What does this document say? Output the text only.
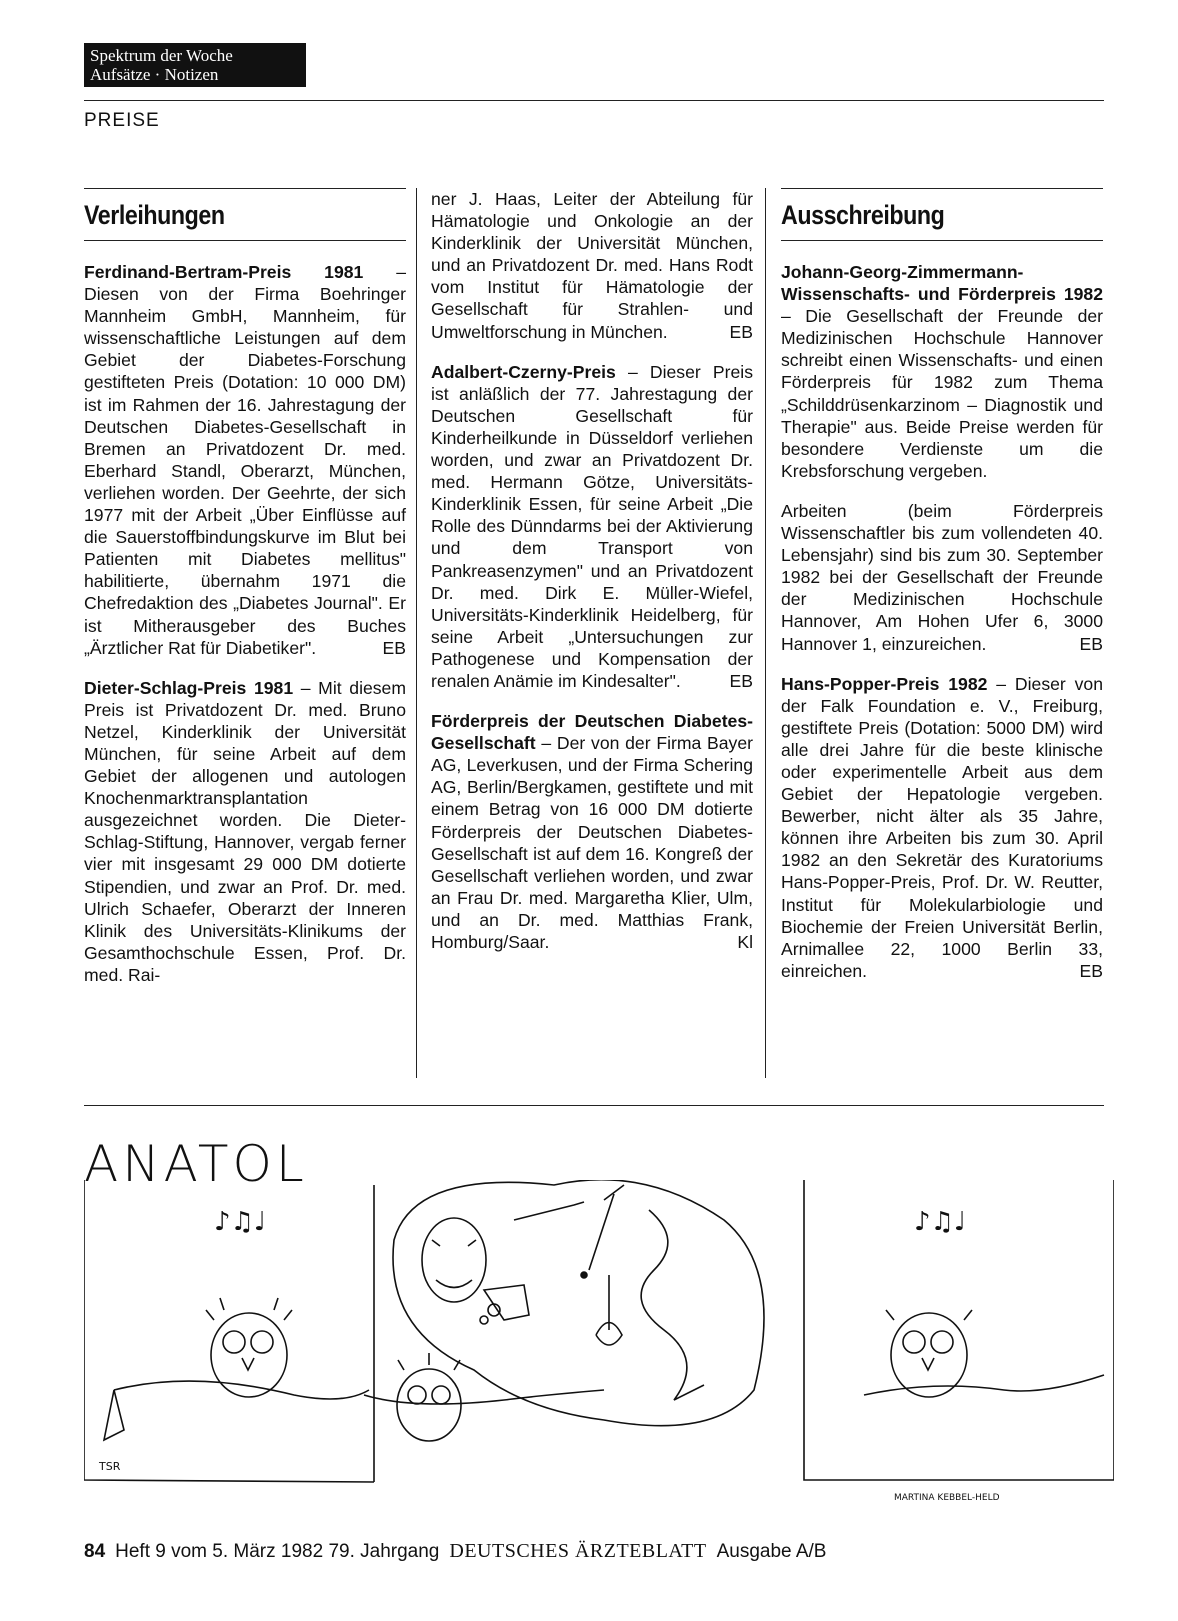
Spektrum der Woche
Aufsätze · Notizen
PREISE
Verleihungen

Ferdinand-Bertram-Preis 1981 – Diesen von der Firma Boehringer Mannheim GmbH, Mannheim, für wissenschaftliche Leistungen auf dem Gebiet der Diabetes-Forschung gestifteten Preis (Dotation: 10 000 DM) ist im Rahmen der 16. Jahrestagung der Deutschen Diabetes-Gesellschaft in Bremen an Privatdozent Dr. med. Eberhard Standl, Oberarzt, München, verliehen worden. Der Geehrte, der sich 1977 mit der Arbeit „Über Einflüsse auf die Sauerstoffbindungskurve im Blut bei Patienten mit Diabetes mellitus" habilitierte, übernahm 1971 die Chefredaktion des „Diabetes Journal". Er ist Mitherausgeber des Buches „Ärztlicher Rat für Diabetiker".	EB

Dieter-Schlag-Preis 1981 – Mit diesem Preis ist Privatdozent Dr. med. Bruno Netzel, Kinderklinik der Universität München, für seine Arbeit auf dem Gebiet der allogenen und autologen Knochenmarktransplantation ausgezeichnet worden. Die Dieter-Schlag-Stiftung, Hannover, vergab ferner vier mit insgesamt 29 000 DM dotierte Stipendien, und zwar an Prof. Dr. med. Ulrich Schaefer, Oberarzt der Inneren Klinik des Universitäts-Klinikums der Gesamthochschule Essen, Prof. Dr. med. Rai-

ner J. Haas, Leiter der Abteilung für Hämatologie und Onkologie an der Kinderklinik der Universität München, und an Privatdozent Dr. med. Hans Rodt vom Institut für Hämatologie der Gesellschaft für Strahlen- und Umweltforschung in München.	EB

Adalbert-Czerny-Preis – Dieser Preis ist anläßlich der 77. Jahrestagung der Deutschen Gesellschaft für Kinderheilkunde in Düsseldorf verliehen worden, und zwar an Privatdozent Dr. med. Hermann Götze, Universitäts-Kinderklinik Essen, für seine Arbeit „Die Rolle des Dünndarms bei der Aktivierung und dem Transport von Pankreasenzymen" und an Privatdozent Dr. med. Dirk E. Müller-Wiefel, Universitäts-Kinderklinik Heidelberg, für seine Arbeit „Untersuchungen zur Pathogenese und Kompensation der renalen Anämie im Kindesalter".	EB

Förderpreis der Deutschen Diabetes-Gesellschaft – Der von der Firma Bayer AG, Leverkusen, und der Firma Schering AG, Berlin/Bergkamen, gestiftete und mit einem Betrag von 16 000 DM dotierte Förderpreis der Deutschen Diabetes-Gesellschaft ist auf dem 16. Kongreß der Gesellschaft verliehen worden, und zwar an Frau Dr. med. Margaretha Klier, Ulm, und an Dr. med. Matthias Frank, Homburg/Saar.	Kl

Ausschreibung

Johann-Georg-Zimmermann-Wissenschafts- und Förderpreis 1982 – Die Gesellschaft der Freunde der Medizinischen Hochschule Hannover schreibt einen Wissenschafts- und einen Förderpreis für 1982 zum Thema „Schilddrüsenkarzinom – Diagnostik und Therapie" aus. Beide Preise werden für besondere Verdienste um die Krebsforschung vergeben.

Arbeiten (beim Förderpreis Wissenschaftler bis zum vollendeten 40. Lebensjahr) sind bis zum 30. September 1982 bei der Gesellschaft der Freunde der Medizinischen Hochschule Hannover, Am Hohen Ufer 6, 3000 Hannover 1, einzureichen.	EB

Hans-Popper-Preis 1982 – Dieser von der Falk Foundation e. V., Freiburg, gestiftete Preis (Dotation: 5000 DM) wird alle drei Jahre für die beste klinische oder experimentelle Arbeit aus dem Gebiet der Hepatologie vergeben. Bewerber, nicht älter als 35 Jahre, können ihre Arbeiten bis zum 30. April 1982 an den Sekretär des Kuratoriums Hans-Popper-Preis, Prof. Dr. W. Reutter, Institut für Molekularbiologie und Biochemie der Freien Universität Berlin, Arnimallee 22, 1000 Berlin 33, einreichen.	EB

ANATOL
♪♫♩
TSR
♪♫♩
MARTINA KEBBEL-HELD
84 Heft 9 vom 5. März 1982 79. Jahrgang DEUTSCHES ÄRZTEBLATT Ausgabe A/B
